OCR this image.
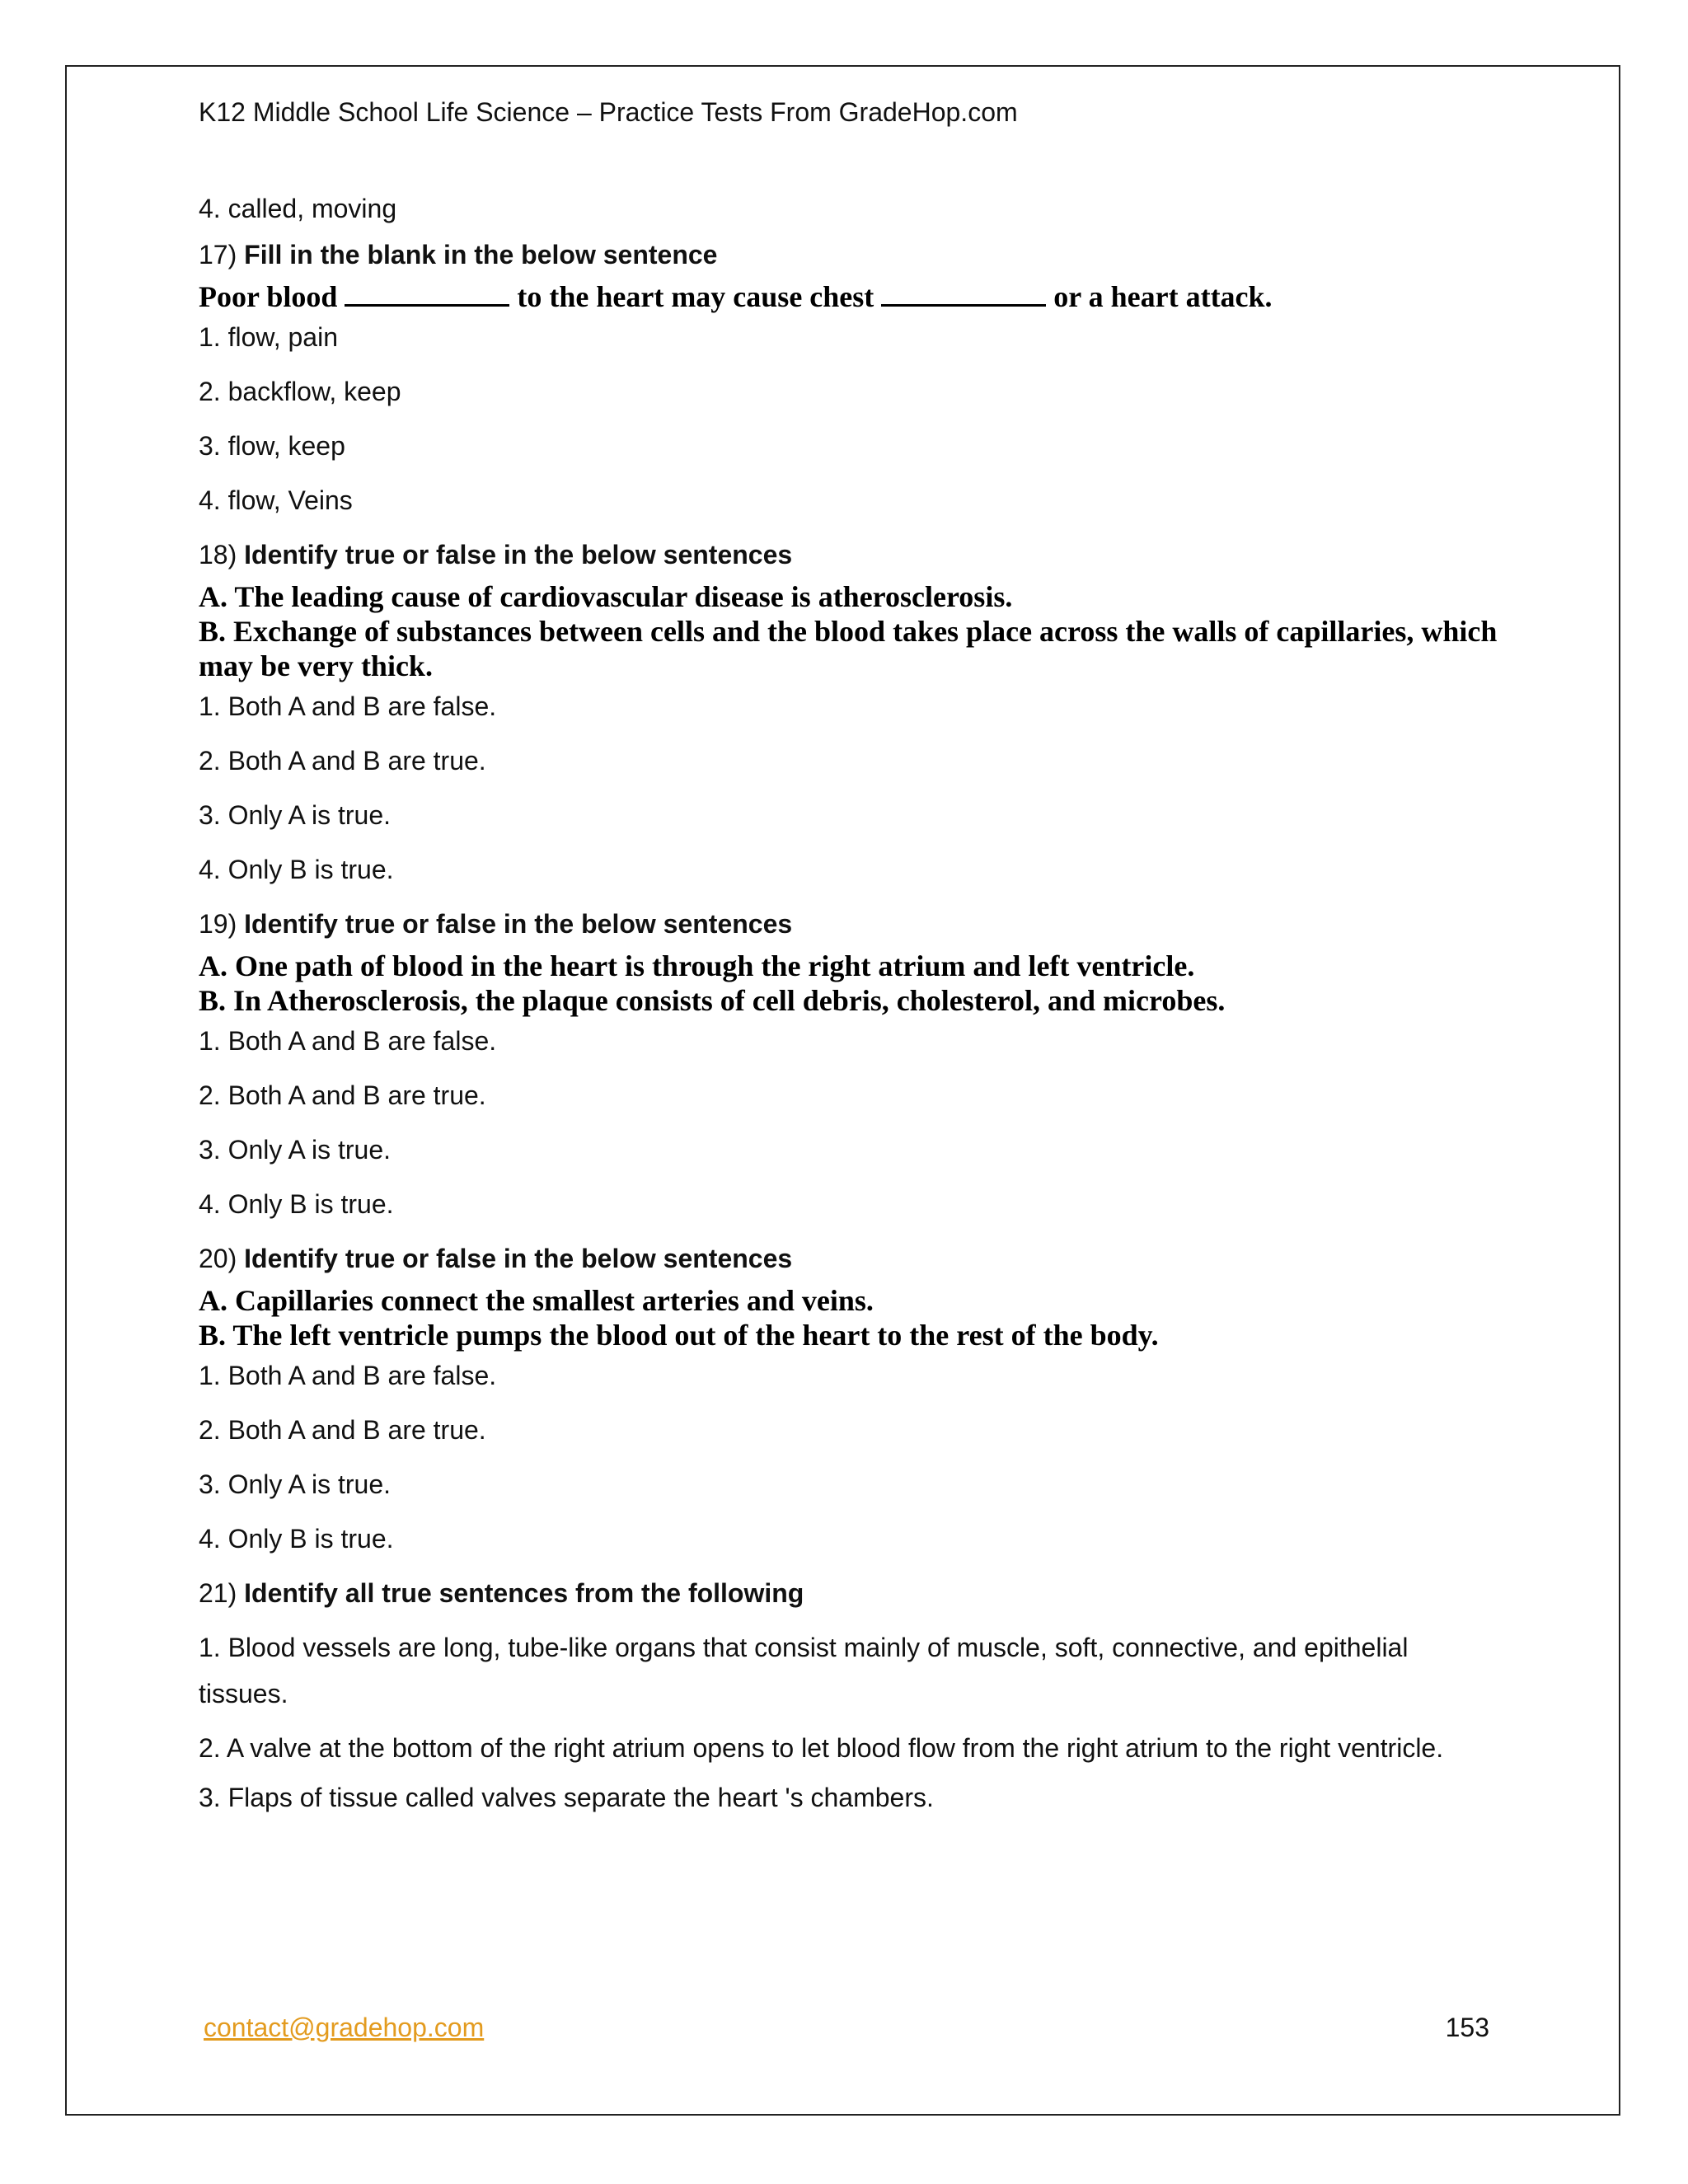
K12 Middle School Life Science – Practice Tests From GradeHop.com
4. called, moving
17) Fill in the blank in the below sentence
Poor blood	to the heart may cause chest	or a heart attack.
1. flow, pain
2. backflow, keep
3. flow, keep
4. flow, Veins
18) Identify true or false in the below sentences
A. The leading cause of cardiovascular disease is atherosclerosis.
B. Exchange of substances between cells and the blood takes place across the walls of capillaries, which may be very thick.
1. Both A and B are false.
2. Both A and B are true.
3. Only A is true.
4. Only B is true.
19) Identify true or false in the below sentences
A. One path of blood in the heart is through the right atrium and left ventricle.
B. In Atherosclerosis, the plaque consists of cell debris, cholesterol, and microbes.
1. Both A and B are false.
2. Both A and B are true.
3. Only A is true.
4. Only B is true.
20) Identify true or false in the below sentences
A. Capillaries connect the smallest arteries and veins.
B. The left ventricle pumps the blood out of the heart to the rest of the body.
1. Both A and B are false.
2. Both A and B are true.
3. Only A is true.
4. Only B is true.
21) Identify all true sentences from the following
1. Blood vessels are long, tube-like organs that consist mainly of muscle, soft, connective, and epithelial tissues.
2. A valve at the bottom of the right atrium opens to let blood flow from the right atrium to the right ventricle.
3. Flaps of tissue called valves separate the heart 's chambers.
contact@gradehop.com	153
